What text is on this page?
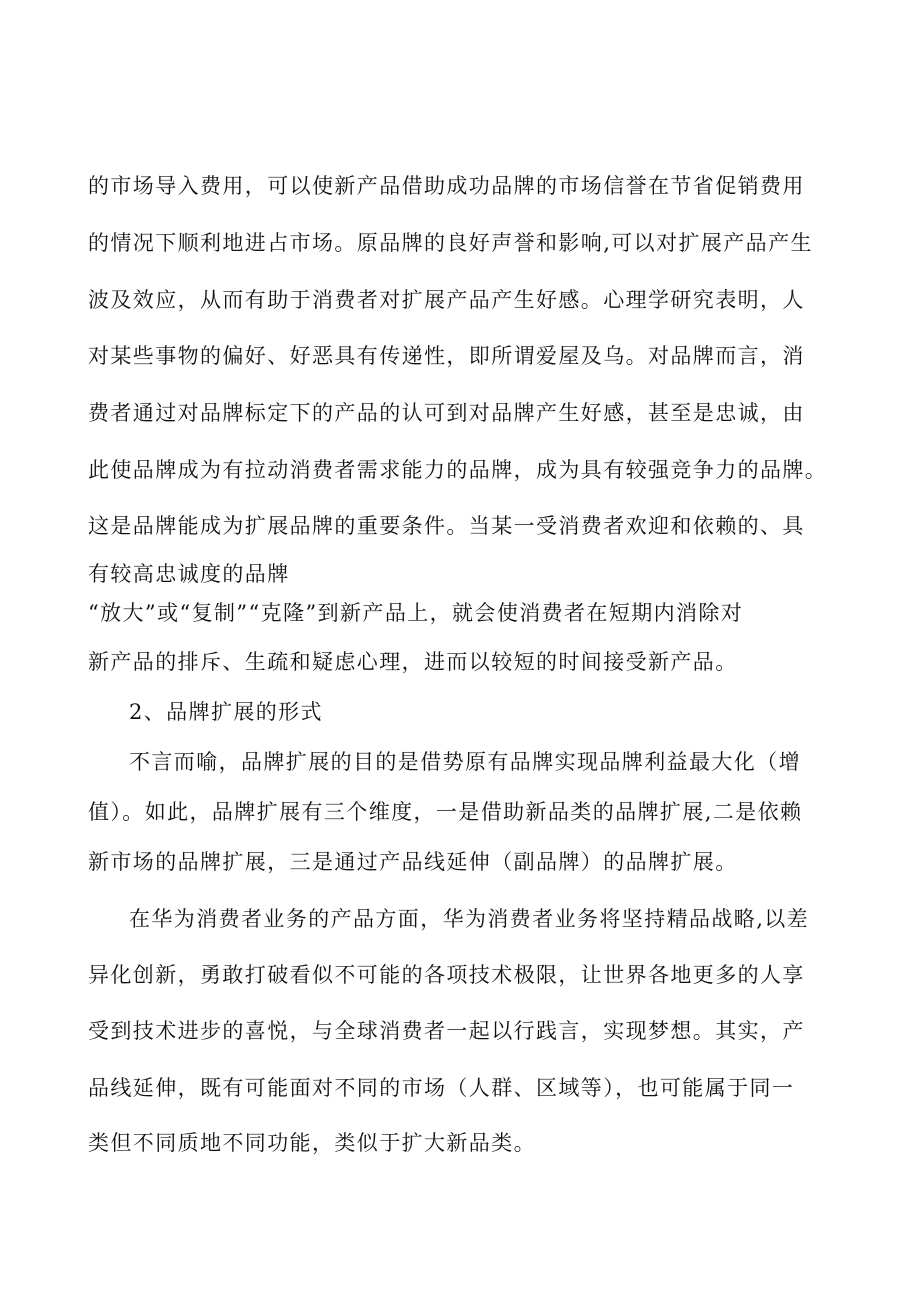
的市场导入费用，可以使新产品借助成功品牌的市场信誉在节省促销费用
的情况下顺利地进占市场。原品牌的良好声誉和影响,可以对扩展产品产生
波及效应，从而有助于消费者对扩展产品产生好感。心理学研究表明，人
对某些事物的偏好、好恶具有传递性，即所谓爱屋及乌。对品牌而言，消
费者通过对品牌标定下的产品的认可到对品牌产生好感，甚至是忠诚，由
此使品牌成为有拉动消费者需求能力的品牌，成为具有较强竞争力的品牌。
这是品牌能成为扩展品牌的重要条件。当某一受消费者欢迎和依赖的、具
有较高忠诚度的品牌
“放大”或“复制”“克隆”到新产品上，就会使消费者在短期内消除对
新产品的排斥、生疏和疑虑心理，进而以较短的时间接受新产品。
2、品牌扩展的形式
不言而喻，品牌扩展的目的是借势原有品牌实现品牌利益最大化（增
值）。如此，品牌扩展有三个维度，一是借助新品类的品牌扩展,二是依赖
新市场的品牌扩展，三是通过产品线延伸（副品牌）的品牌扩展。
在华为消费者业务的产品方面，华为消费者业务将坚持精品战略,以差
异化创新，勇敢打破看似不可能的各项技术极限，让世界各地更多的人享
受到技术进步的喜悦，与全球消费者一起以行践言，实现梦想。其实，产
品线延伸，既有可能面对不同的市场（人群、区域等），也可能属于同一
类但不同质地不同功能，类似于扩大新品类。
